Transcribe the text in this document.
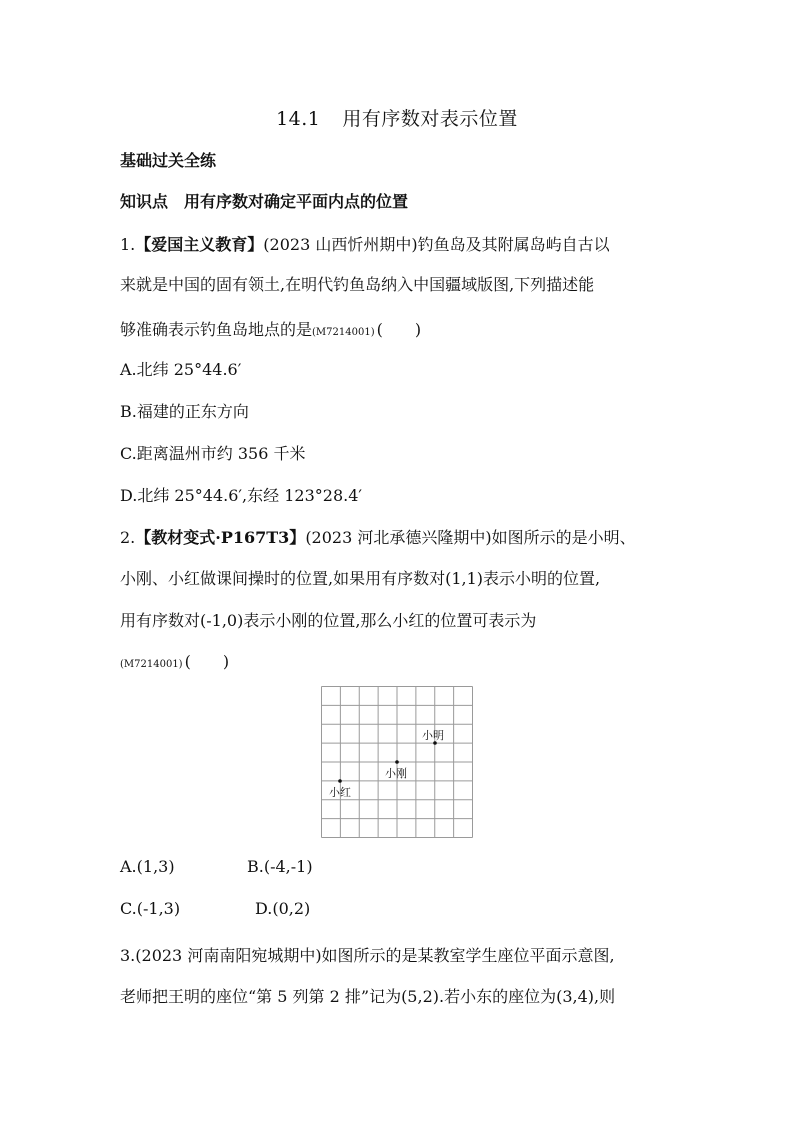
14.1 用有序数对表示位置
基础过关全练
知识点　用有序数对确定平面内点的位置
1.【爱国主义教育】(2023 山西忻州期中)钓鱼岛及其附属岛屿自古以
来就是中国的固有领土,在明代钓鱼岛纳入中国疆域版图,下列描述能
够准确表示钓鱼岛地点的是(M7214001) (　　)
A.北纬 25°44.6′
B.福建的正东方向
C.距离温州市约 356 千米
D.北纬 25°44.6′,东经 123°28.4′
2.【教材变式·P167T3】(2023 河北承德兴隆期中)如图所示的是小明、
小刚、小红做课间操时的位置,如果用有序数对(1,1)表示小明的位置,
用有序数对(-1,0)表示小刚的位置,那么小红的位置可表示为
(M7214001) (　　)
小明
小刚
小红
A.(1,3)	B.(-4,-1)
C.(-1,3)	D.(0,2)
3.(2023 河南南阳宛城期中)如图所示的是某教室学生座位平面示意图,
老师把王明的座位“第 5 列第 2 排”记为(5,2).若小东的座位为(3,4),则
